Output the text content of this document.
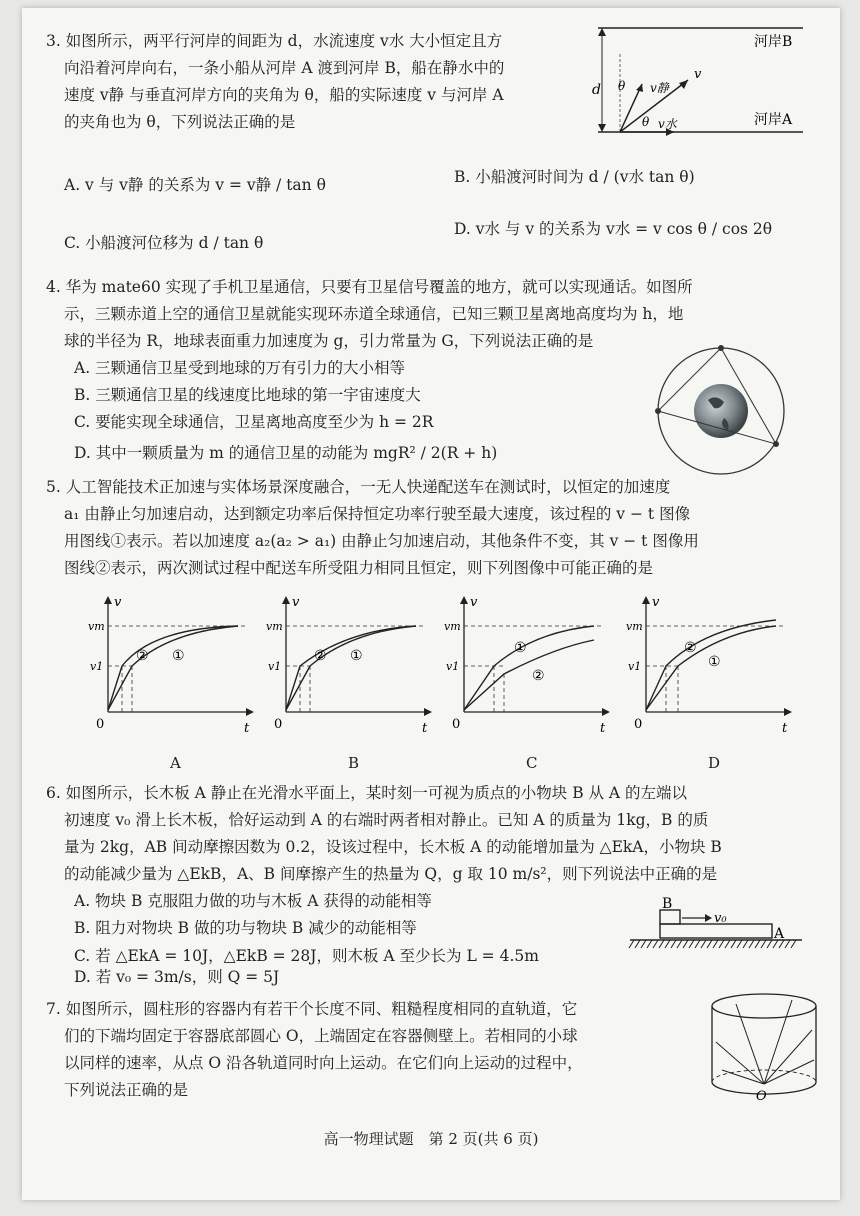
3. 如图所示，两平行河岸的间距为 d，水流速度 v水 大小恒定且方

向沿着河岸向右，一条小船从河岸 A 渡到河岸 B，船在静水中的

速度 v静 与垂直河岸方向的夹角为 θ，船的实际速度 v 与河岸 A

的夹角也为 θ，下列说法正确的是

A. v 与 v静 的关系为 v = v静 / tan θ	B. 小船渡河时间为 d / (v水 tan θ)

C. 小船渡河位移为 d / tan θ

D. v水 与 v 的关系为 v水 = v cos θ / cos 2θ

d θ
θ
v静
v
v水
河岸B
河岸A

4. 华为 mate60 实现了手机卫星通信，只要有卫星信号覆盖的地方，就可以实现通话。如图所

示，三颗赤道上空的通信卫星就能实现环赤道全球通信，已知三颗卫星离地高度均为 h，地

球的半径为 R，地球表面重力加速度为 g，引力常量为 G，下列说法正确的是

A. 三颗通信卫星受到地球的万有引力的大小相等

B. 三颗通信卫星的线速度比地球的第一宇宙速度大

C. 要能实现全球通信，卫星离地高度至少为 h = 2R

D. 其中一颗质量为 m 的通信卫星的动能为 mgR² / 2(R + h)

5. 人工智能技术正加速与实体场景深度融合，一无人快递配送车在测试时，以恒定的加速度

a₁ 由静止匀加速启动，达到额定功率后保持恒定功率行驶至最大速度，该过程的 v − t 图像

用图线①表示。若以加速度 a₂(a₂ > a₁) 由静止匀加速启动，其他条件不变，其 v − t 图像用

图线②表示，两次测试过程中配送车所受阻力相同且恒定，则下列图像中可能正确的是

v
t
0
vm
v1
①
②
A
v
t
0
vm
v1
①
②
B
v
t
0
vm
v1
①
②
C
v
t
0
vm
v1	①
②
D

6. 如图所示，长木板 A 静止在光滑水平面上，某时刻一可视为质点的小物块 B 从 A 的左端以

初速度 v₀ 滑上长木板，恰好运动到 A 的右端时两者相对静止。已知 A 的质量为 1kg，B 的质

量为 2kg，AB 间动摩擦因数为 0.2，设该过程中，长木板 A 的动能增加量为 △EkA，小物块 B

的动能减少量为 △EkB，A、B 间摩擦产生的热量为 Q，g 取 10 m/s²，则下列说法中正确的是

A. 物块 B 克服阻力做的功与木板 A 获得的动能相等

B. 阻力对物块 B 做的功与物块 B 减少的动能相等

C. 若 △EkA = 10J，△EkB = 28J，则木板 A 至少长为 L = 4.5m

D. 若 v₀ = 3m/s，则 Q = 5J

B
v₀
A

7. 如图所示，圆柱形的容器内有若干个长度不同、粗糙程度相同的直轨道，它

们的下端均固定于容器底部圆心 O，上端固定在容器侧壁上。若相同的小球

以同样的速率，从点 O 沿各轨道同时向上运动。在它们向上运动的过程中，

下列说法正确的是	O
高一物理试题　第 2 页(共 6 页)
